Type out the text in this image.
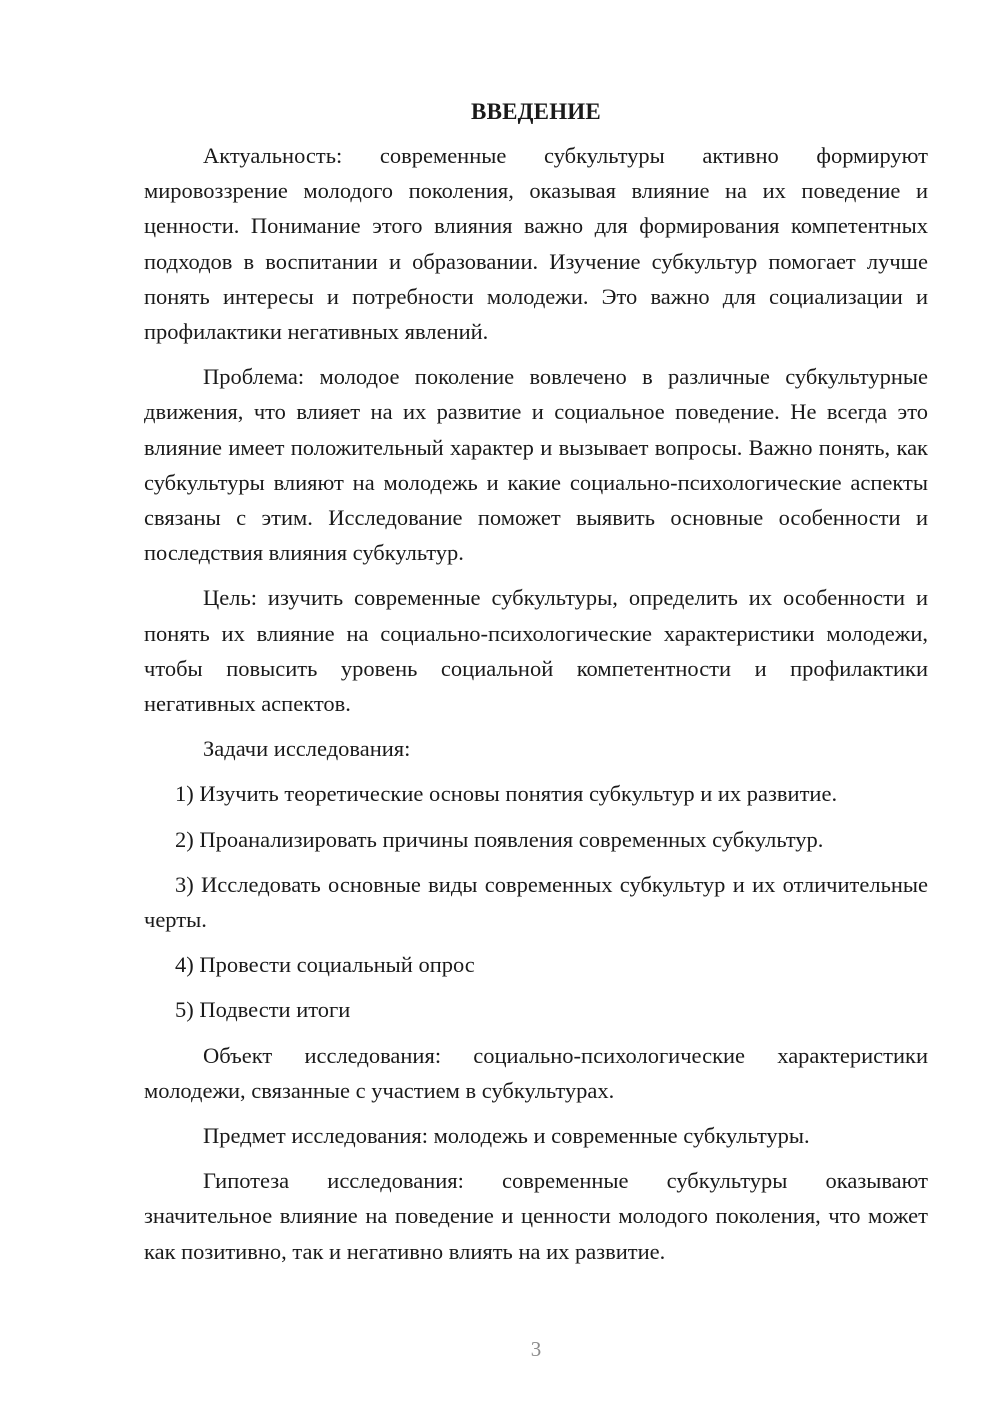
ВВЕДЕНИЕ

Актуальность: современные субкультуры активно формируют мировоззрение молодого поколения, оказывая влияние на их поведение и ценности. Понимание этого влияния важно для формирования компетентных подходов в воспитании и образовании. Изучение субкультур помогает лучше понять интересы и потребности молодежи. Это важно для социализации и профилактики негативных явлений.

Проблема: молодое поколение вовлечено в различные субкультурные движения, что влияет на их развитие и социальное поведение. Не всегда это влияние имеет положительный характер и вызывает вопросы. Важно понять, как субкультуры влияют на молодежь и какие социально-психологические аспекты связаны с этим. Исследование поможет выявить основные особенности и последствия влияния субкультур.

Цель: изучить современные субкультуры, определить их особенности и понять их влияние на социально-психологические характеристики молодежи, чтобы повысить уровень социальной компетентности и профилактики негативных аспектов.

Задачи исследования:

1) Изучить теоретические основы понятия субкультур и их развитие.

2) Проанализировать причины появления современных субкультур.

3) Исследовать основные виды современных субкультур и их отличительные черты.

4) Провести социальный опрос

5) Подвести итоги

Объект исследования: социально-психологические характеристики молодежи, связанные с участием в субкультурах.

Предмет исследования: молодежь и современные субкультуры.

Гипотеза исследования: современные субкультуры оказывают значительное влияние на поведение и ценности молодого поколения, что может как позитивно, так и негативно влиять на их развитие.

3
